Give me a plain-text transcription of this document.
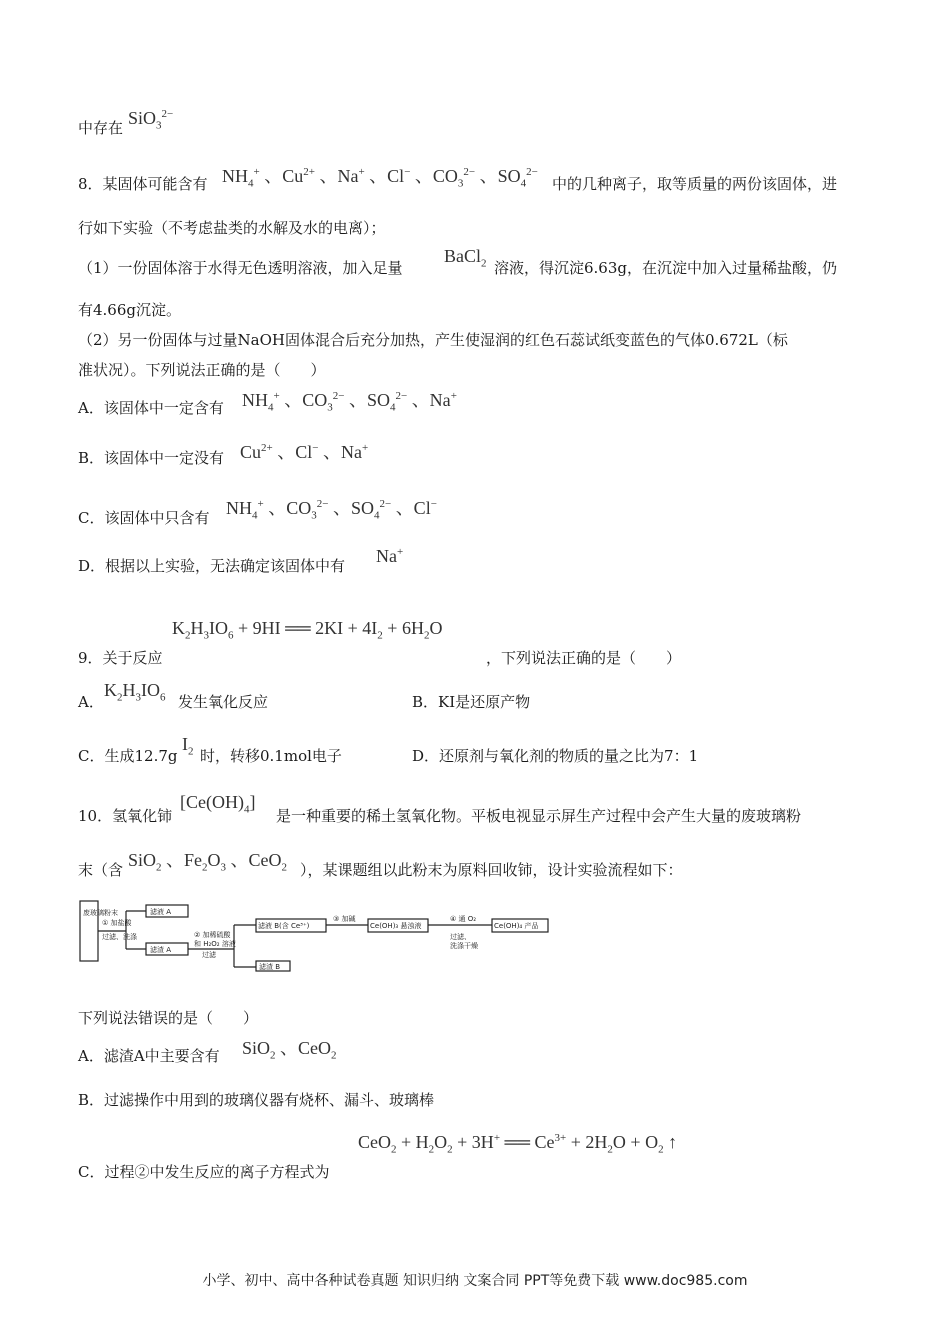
中存在 SiO$_3^{2-}$
8．某固体可能含有 $NH_4^+$ 、$Cu^{2+}$ 、Na+ 、Cl− 、$CO_3^{2-}$ 、$SO_4^{2-}$
中的几种离子，取等质量的两份该固体，进
行如下实验（不考虑盐类的水解及水的电离）；
（1）一份固体溶于水得无色透明溶液，加入足量
BaCl$_2$ 溶液，得沉淀6.63g，在沉淀中加入过量稀盐酸，仍
有4.66g沉淀。
（2）另一份固体与过量NaOH固体混合后充分加热，产生使湿润的红色石蕊试纸变蓝色的气体0.672L（标
准状况）。下列说法正确的是（　　）
A．该固体中一定含有 $NH_4^+$ 、$CO_3^{2-}$ 、$SO_4^{2-}$ 、Na+
B．该固体中一定没有 $Cu^{2+}$ 、Cl− 、Na+
C．该固体中只含有 $NH_4^+$ 、$CO_3^{2-}$ 、$SO_4^{2-}$ 、Cl−
D．根据以上实验，无法确定该固体中有 Na+
$K_2H_3IO_6 + 9HI$ ══ $2KI + 4I_2 + 6H_2O$
9．关于反应	，下列说法正确的是（　　）
A．
$K_2H_3IO_6$ 发生氧化反应	B．KI是还原产物
C．生成12.7g
$I_2$ 时，转移0.1mol电子	D．还原剂与氧化剂的物质的量之比为7：1
10．氢氧化铈
$[Ce(OH)_4]$
是一种重要的稀土氢氧化物。平板电视显示屏生产过程中会产生大量的废玻璃粉
末（含 SiO$_2$ 、$Fe_2O_3$ 、CeO$_2$ ），某课题组以此粉末为原料回收铈，设计实验流程如下：
废玻璃粉末
① 加盐酸
过滤、洗涤
滤液 A
滤渣 A
② 加稀硫酸
和 H₂O₂ 溶液
过滤
滤液 B(含 Ce³⁺)
滤渣 B
③ 加碱
Ce(OH)₃ 悬浊液
④ 通 O₂
过滤、
洗涤干燥
Ce(OH)₄ 产品
下列说法错误的是（　　）
A．滤渣A中主要含有 SiO$_2$ 、CeO$_2$
B．过滤操作中用到的玻璃仪器有烧杯、漏斗、玻璃棒
$CeO_2 + H_2O_2 + 3H^+$ ══ $Ce^{3+} + 2H_2O + O_2$ ↑
C．过程②中发生反应的离子方程式为
小学、初中、高中各种试卷真题 知识归纳 文案合同 PPT等免费下载 www.doc985.com
